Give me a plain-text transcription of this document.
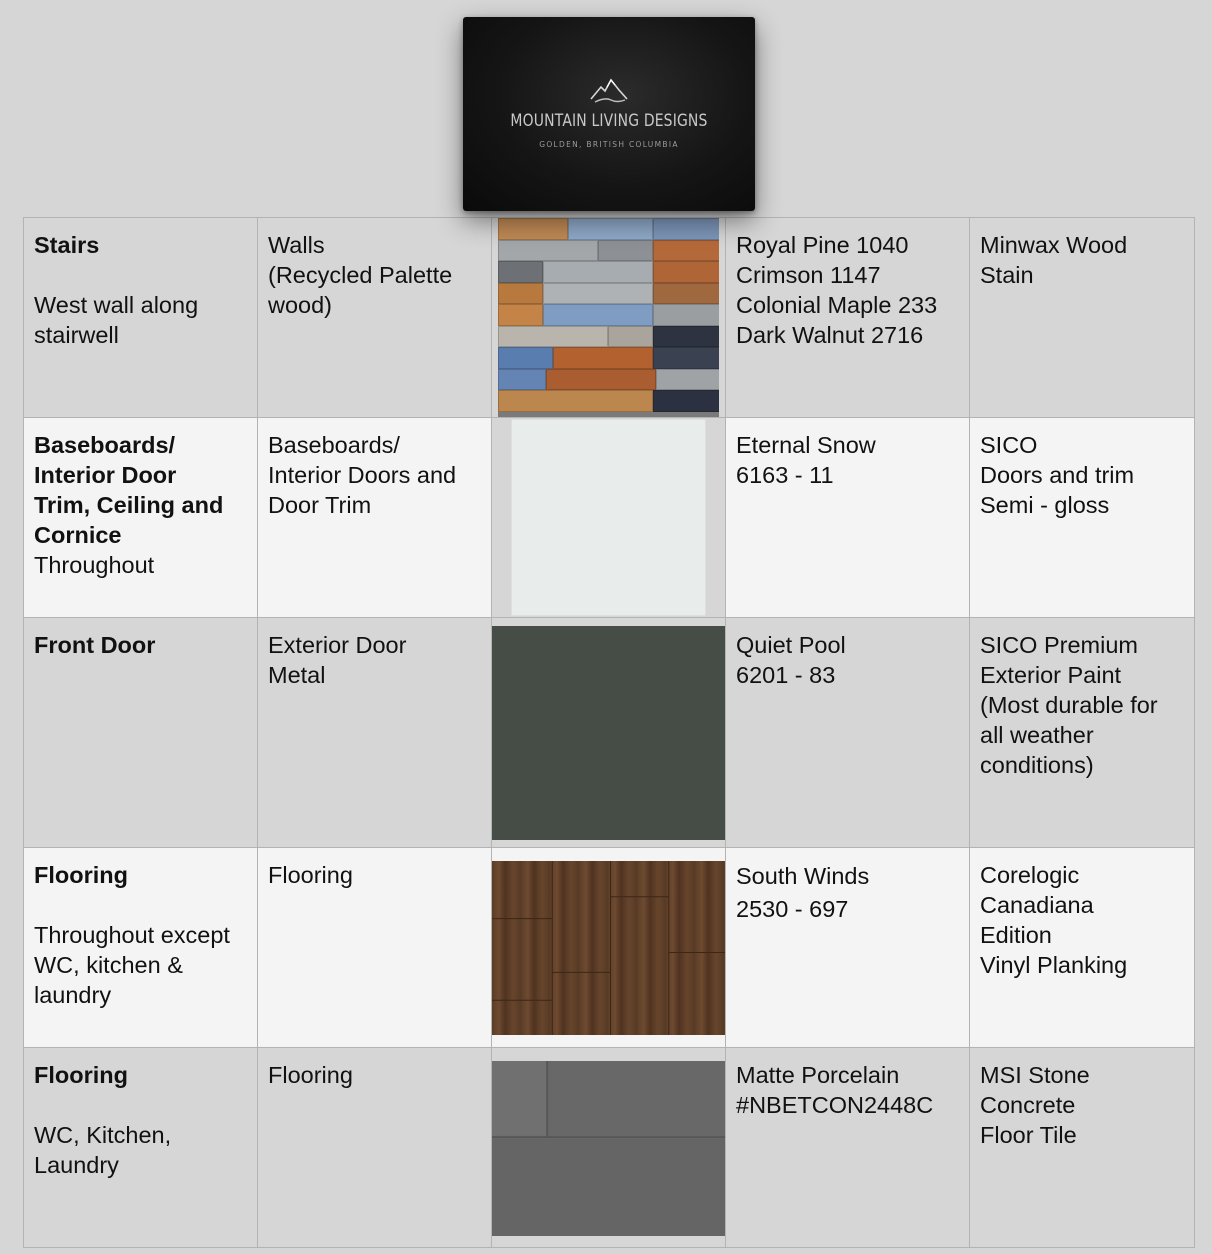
MOUNTAIN LIVING DESIGNS
GOLDEN, BRITISH COLUMBIA
Stairs
West wall along stairwell	Walls
(Recycled Palette
wood)		Royal Pine 1040
Crimson 1147
Colonial Maple 233
Dark Walnut 2716	Minwax Wood
Stain

Baseboards/
Interior Door
Trim, Ceiling and
Cornice
Throughout	Baseboards/
Interior Doors and
Door Trim		Eternal Snow
6163 - 11	SICO
Doors and trim
Semi - gloss

Front Door	Exterior Door
Metal		Quiet Pool
6201 - 83	SICO Premium
Exterior Paint
(Most durable for
all weather
conditions)

Flooring
Throughout except
WC, kitchen &
laundry	Flooring		South Winds
2530 - 697	Corelogic
Canadiana
Edition
Vinyl Planking

Flooring
WC, Kitchen,
Laundry	Flooring		Matte Porcelain
#NBETCON2448C	MSI Stone
Concrete
Floor Tile
